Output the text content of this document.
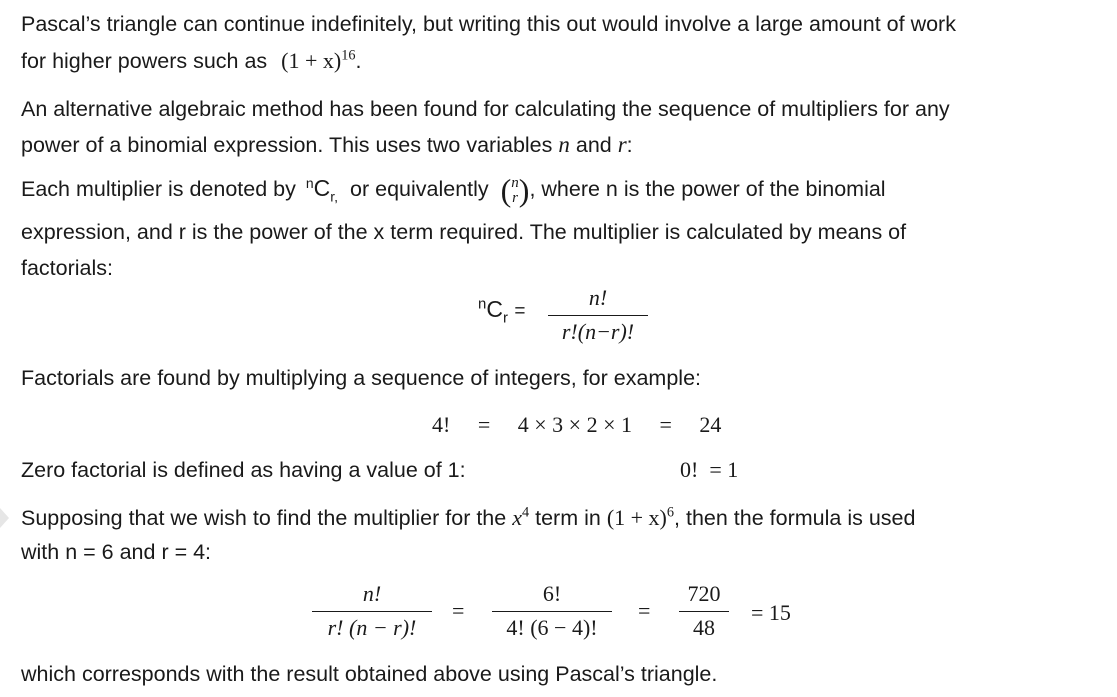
Pascal’s triangle can continue indefinitely, but writing this out would involve a large amount of work
for higher powers such as $(1 + x)^{16}$.
An alternative algebraic method has been found for calculating the sequence of multipliers for any
power of a binomial expression. This uses two variables n and r:
Each multiplier is denoted by $^nC_{r,}$ or equivalently ( n
r ), where n is the power of the binomial
expression, and r is the power of the x term required. The multiplier is calculated by means of
factorials:
$^nC_r$ =
n!
r!(n−r)!
Factorials are found by multiplying a sequence of integers, for example:
4! = 4 × 3 × 2 × 1 = 24
Zero factorial is defined as having a value of 1:	0!  = 1
Supposing that we wish to find the multiplier for the $x^4$ term in $(1 + x)^6$, then the formula is used
with n = 6 and r = 4:
n!
r! (n − r)!
=
6!
4! (6 − 4)!
=
720
48
= 15
which corresponds with the result obtained above using Pascal’s triangle.
